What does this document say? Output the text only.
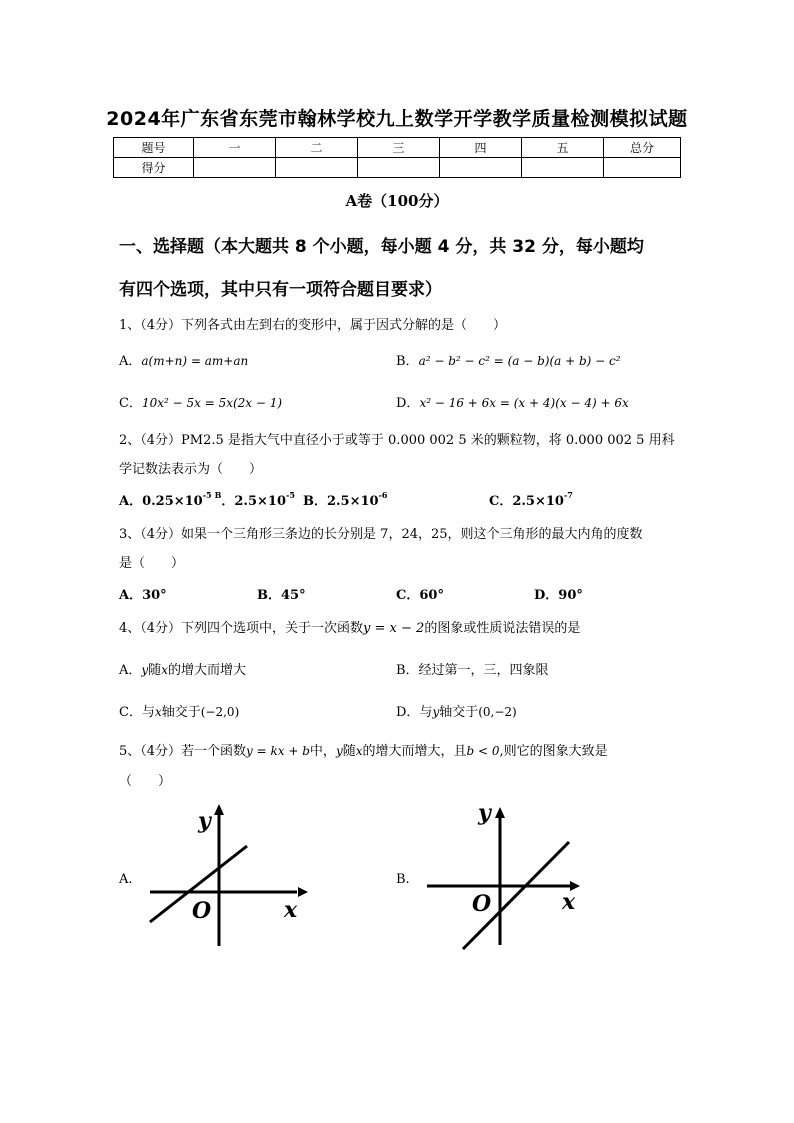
2024年广东省东莞市翰林学校九上数学开学教学质量检测模拟试题
题号	一	二	三	四	五	总分
得分						
A卷（100分）
一、选择题（本大题共 8 个小题，每小题 4 分，共 32 分，每小题均
有四个选项，其中只有一项符合题目要求）
1、（4分）下列各式由左到右的变形中，属于因式分解的是（　　）
A．a(m+n) = am+an	B．a² − b² − c² = (a − b)(a + b) − c²
C．10x² − 5x = 5x(2x − 1)	D．x² − 16 + 6x = (x + 4)(x − 4) + 6x
2、（4分）PM2.5 是指大气中直径小于或等于 0.000 002 5 米的颗粒物，将 0.000 002 5 用科
学记数法表示为（　　）
A．$0.25\times 10^{-5}$ $^B$．$2.5\times 10^{-5}$ B．$2.5\times 10^{-6}$	C．$2.5\times 10^{-7}$
3、（4分）如果一个三角形三条边的长分别是 7，24，25，则这个三角形的最大内角的度数
是（　　）
A．30°	B．45°	C．60°	D．90°
4、（4分）下列四个选项中，关于一次函数y = x − 2的图象或性质说法错误的是
A．y随x的增大而增大	B．经过第一，三，四象限
C．与x轴交于(−2,0)	D．与y轴交于(0,−2)
5、（4分）若一个函数y = kx + b中，y随x的增大而增大，且b < 0,则它的图象大致是
（　　）
A.
y
x
O
B.
y
x
O
